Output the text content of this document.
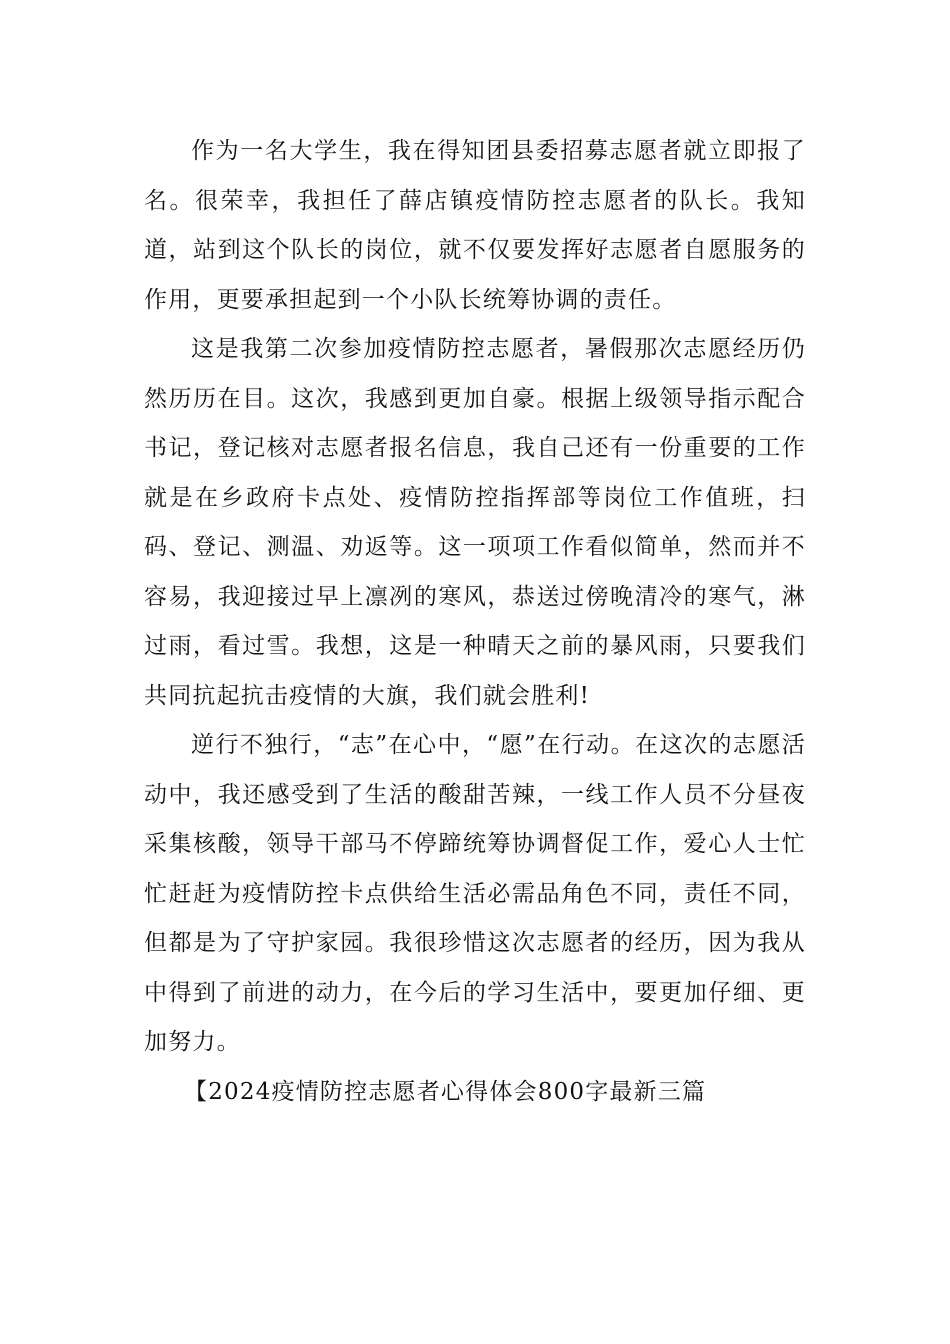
作为一名大学生，我在得知团县委招募志愿者就立即报了名。很荣幸，我担任了薛店镇疫情防控志愿者的队长。我知道，站到这个队长的岗位，就不仅要发挥好志愿者自愿服务的作用，更要承担起到一个小队长统筹协调的责任。

这是我第二次参加疫情防控志愿者，暑假那次志愿经历仍然历历在目。这次，我感到更加自豪。根据上级领导指示配合书记，登记核对志愿者报名信息，我自己还有一份重要的工作就是在乡政府卡点处、疫情防控指挥部等岗位工作值班，扫码、登记、测温、劝返等。这一项项工作看似简单，然而并不容易，我迎接过早上凛冽的寒风，恭送过傍晚清冷的寒气，淋过雨，看过雪。我想，这是一种晴天之前的暴风雨，只要我们共同抗起抗击疫情的大旗，我们就会胜利!

逆行不独行，“志”在心中，“愿”在行动。在这次的志愿活动中，我还感受到了生活的酸甜苦辣，一线工作人员不分昼夜采集核酸，领导干部马不停蹄统筹协调督促工作，爱心人士忙忙赶赶为疫情防控卡点供给生活必需品角色不同，责任不同，但都是为了守护家园。我很珍惜这次志愿者的经历，因为我从中得到了前进的动力，在今后的学习生活中，要更加仔细、更加努力。

【2024疫情防控志愿者心得体会800字最新三篇
